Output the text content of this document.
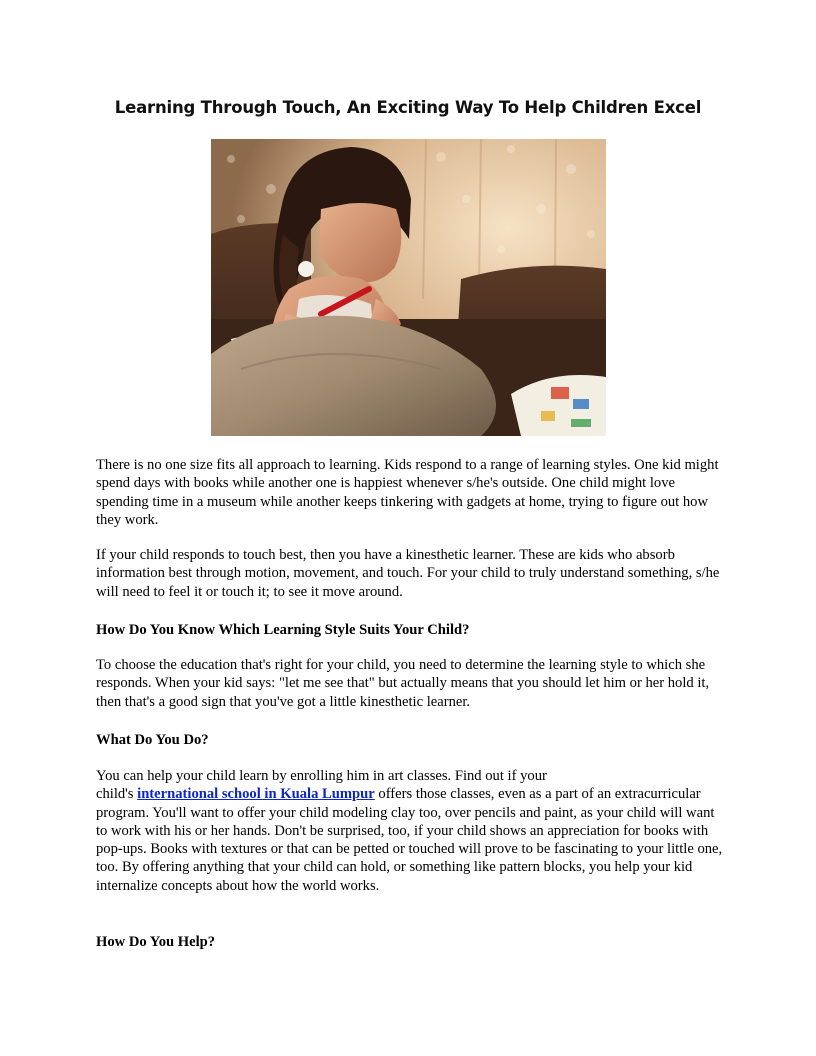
Learning Through Touch, An Exciting Way To Help Children Excel

There is no one size fits all approach to learning. Kids respond to a range of learning styles. One kid might spend days with books while another one is happiest whenever s/he's outside. One child might love spending time in a museum while another keeps tinkering with gadgets at home, trying to figure out how they work.

If your child responds to touch best, then you have a kinesthetic learner. These are kids who absorb information best through motion, movement, and touch. For your child to truly understand something, s/he will need to feel it or touch it; to see it move around.

How Do You Know Which Learning Style Suits Your Child?

To choose the education that's right for your child, you need to determine the learning style to which she responds. When your kid says: "let me see that" but actually means that you should let him or her hold it, then that's a good sign that you've got a little kinesthetic learner.

What Do You Do?

You can help your child learn by enrolling him in art classes. Find out if your
child's international school in Kuala Lumpur offers those classes, even as a part of an extracurricular program. You'll want to offer your child modeling clay too, over pencils and paint, as your child will want to work with his or her hands. Don't be surprised, too, if your child shows an appreciation for books with pop-ups. Books with textures or that can be petted or touched will prove to be fascinating to your little one, too. By offering anything that your child can hold, or something like pattern blocks, you help your kid internalize concepts about how the world works.

How Do You Help?
